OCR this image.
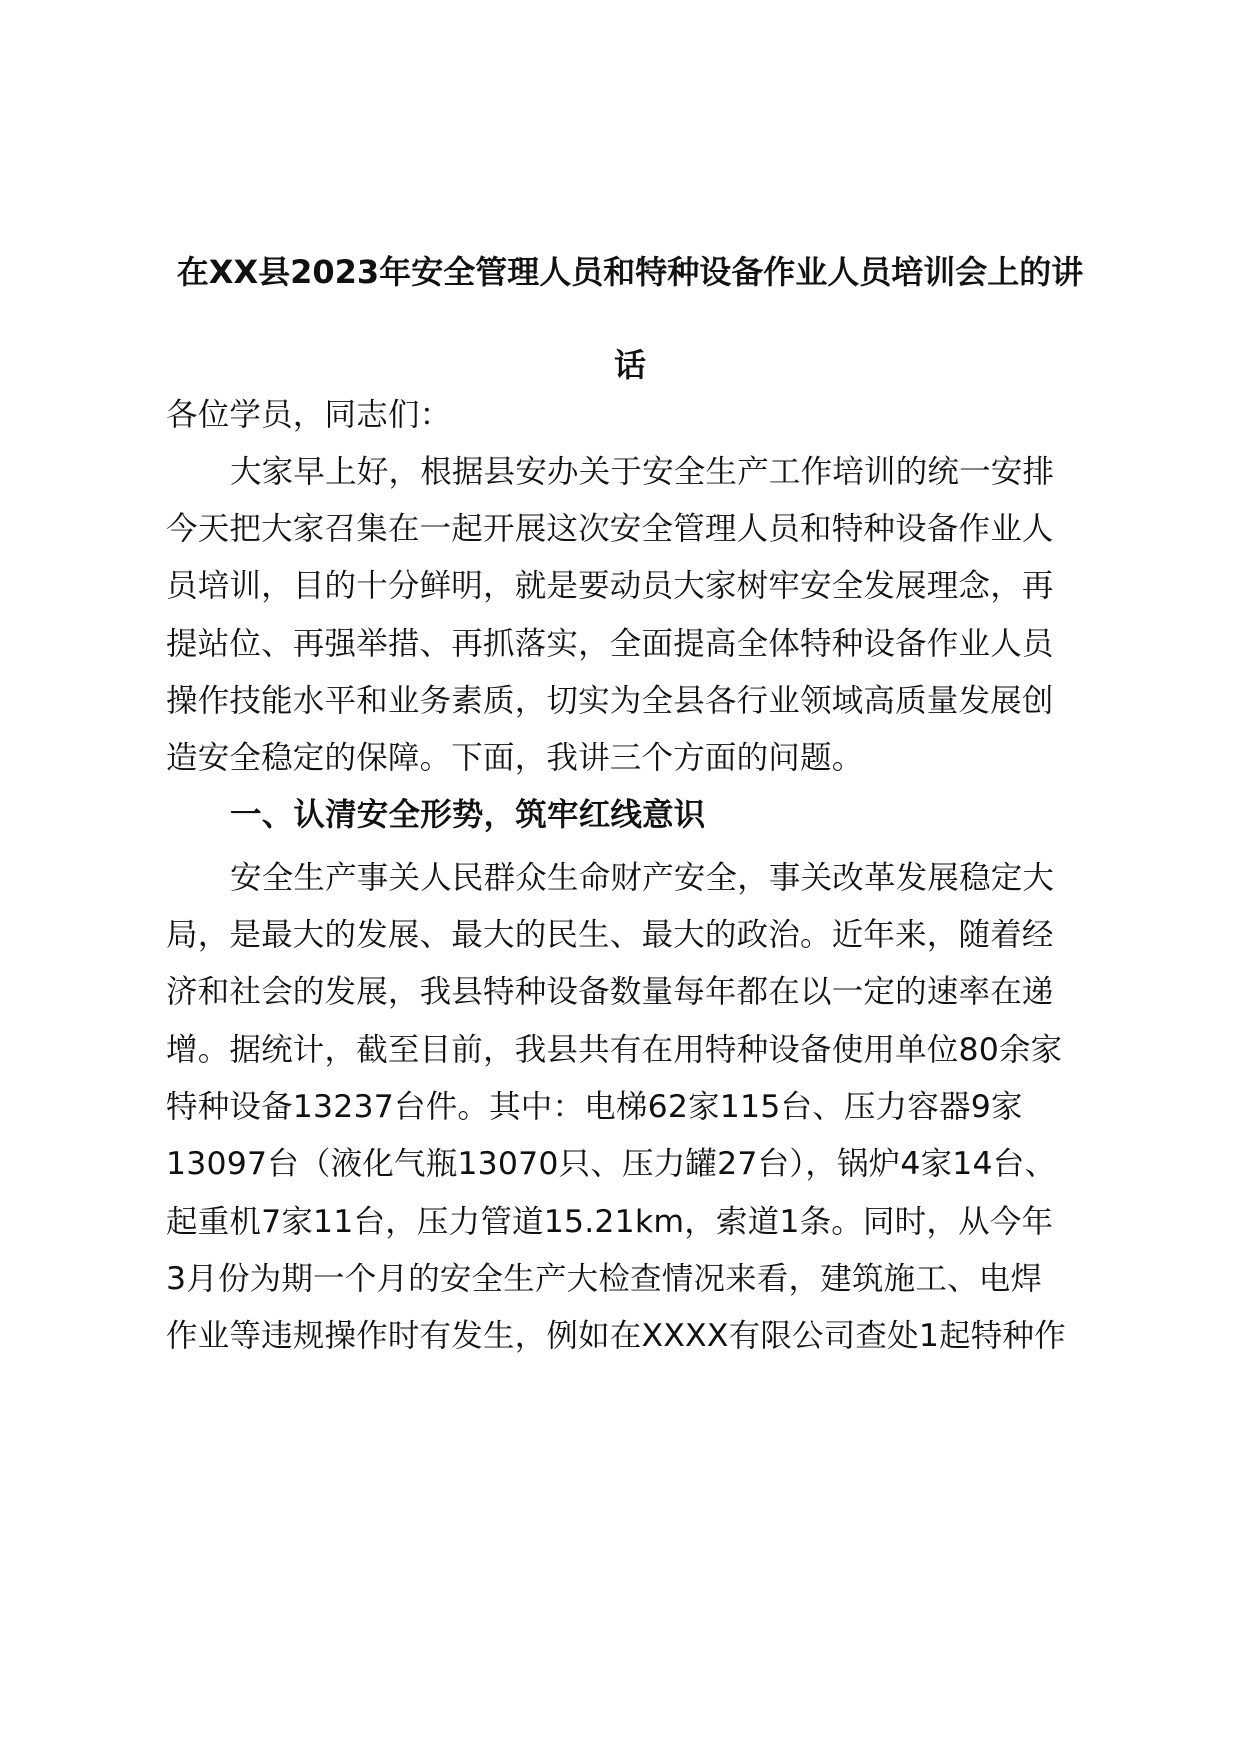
在XX县2023年安全管理人员和特种设备作业人员培训会上的讲
话
各位学员，同志们：
大家早上好，根据县安办关于安全生产工作培训的统一安排
今天把大家召集在一起开展这次安全管理人员和特种设备作业人
员培训，目的十分鲜明，就是要动员大家树牢安全发展理念，再
提站位、再强举措、再抓落实，全面提高全体特种设备作业人员
操作技能水平和业务素质，切实为全县各行业领域高质量发展创
造安全稳定的保障。下面，我讲三个方面的问题。
一、认清安全形势，筑牢红线意识
安全生产事关人民群众生命财产安全，事关改革发展稳定大
局，是最大的发展、最大的民生、最大的政治。近年来，随着经
济和社会的发展，我县特种设备数量每年都在以一定的速率在递
增。据统计，截至目前，我县共有在用特种设备使用单位80余家
特种设备13237台件。其中：电梯62家115台、压力容器9家
13097台（液化气瓶13070只、压力罐27台），锅炉4家14台、
起重机7家11台，压力管道15.21km，索道1条。同时，从今年
3月份为期一个月的安全生产大检查情况来看，建筑施工、电焊
作业等违规操作时有发生，例如在XXXX有限公司查处1起特种作
